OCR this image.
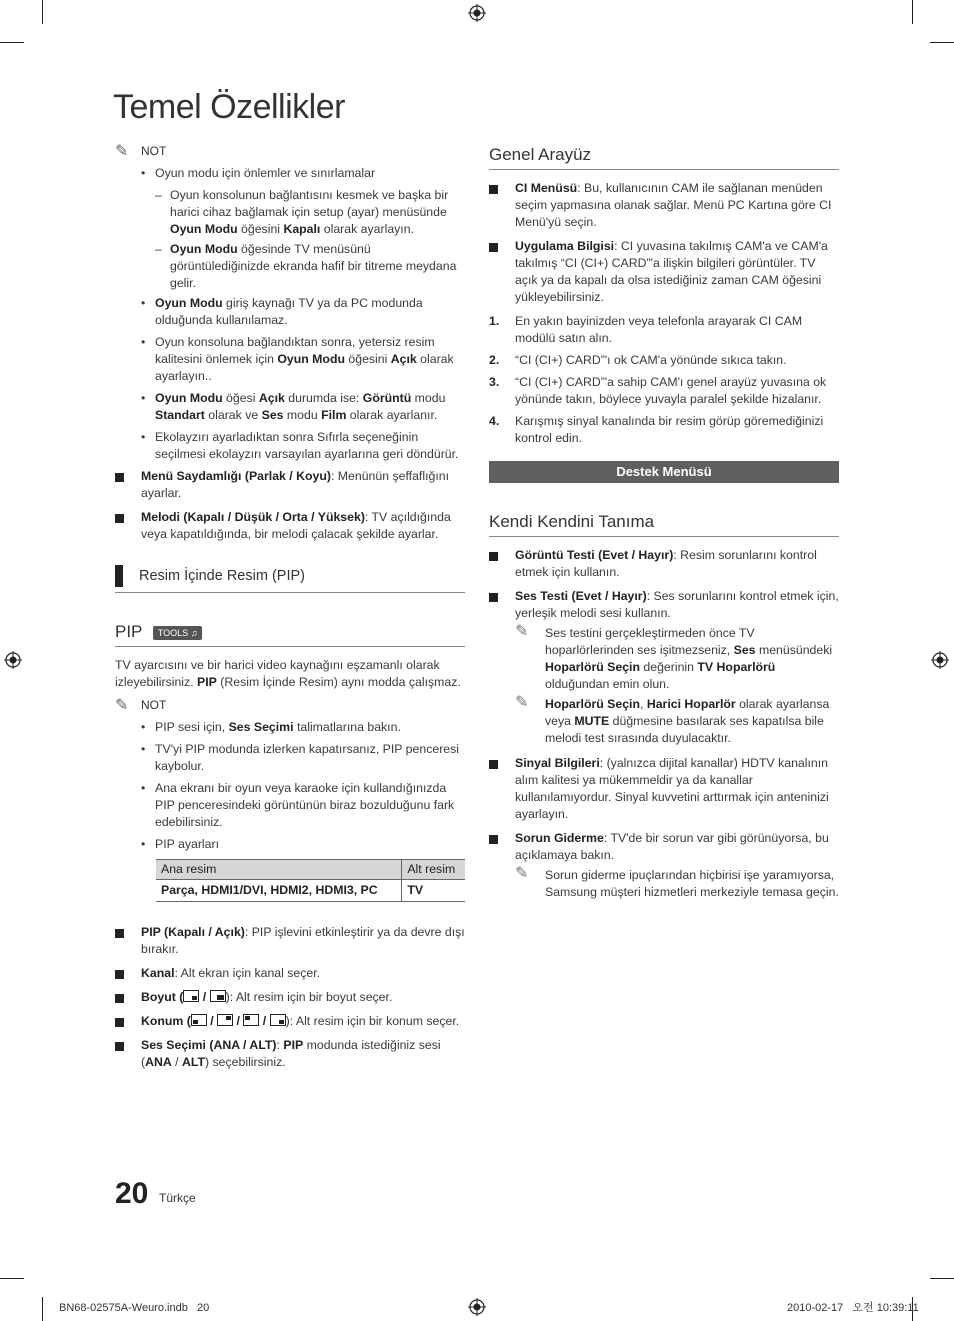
Temel Özellikler
✎	NOT
• Oyun modu için önlemler ve sınırlamalar
– Oyun konsolunun bağlantısını kesmek ve başka bir harici cihaz bağlamak için setup (ayar) menüsünde Oyun Modu öğesini Kapalı olarak ayarlayın.
– Oyun Modu öğesinde TV menüsünü görüntülediğinizde ekranda hafif bir titreme meydana gelir.
• Oyun Modu giriş kaynağı TV ya da PC modunda olduğunda kullanılamaz.
• Oyun konsoluna bağlandıktan sonra, yetersiz resim kalitesini önlemek için Oyun Modu öğesini Açık olarak ayarlayın..
• Oyun Modu öğesi Açık durumda ise: Görüntü modu Standart olarak ve Ses modu Film olarak ayarlanır.
• Ekolayzırı ayarladıktan sonra Sıfırla seçeneğinin seçilmesi ekolayzırı varsayılan ayarlarına geri döndürür.
Menü Saydamlığı (Parlak / Koyu): Menünün şeffaflığını ayarlar.
Melodi (Kapalı / Düşük / Orta / Yüksek): TV açıldığında veya kapatıldığında, bir melodi çalacak şekilde ayarlar.
Resim İçinde Resim (PIP)
PIP TOOLS ♫
TV ayarcısını ve bir harici video kaynağını eşzamanlı olarak izleyebilirsiniz. PIP (Resim İçinde Resim) aynı modda çalışmaz.
✎	NOT
• PIP sesi için, Ses Seçimi talimatlarına bakın.
• TV'yi PIP modunda izlerken kapatırsanız, PIP penceresi kaybolur.
• Ana ekranı bir oyun veya karaoke için kullandığınızda PIP penceresindeki görüntünün biraz bozulduğunu fark edebilirsiniz.
• PIP ayarları
Ana resim	Alt resim
Parça, HDMI1/DVI, HDMI2, HDMI3, PC	TV
PIP (Kapalı / Açık): PIP işlevini etkinleştirir ya da devre dışı bırakır.
Kanal: Alt ekran için kanal seçer.
Boyut (
/
): Alt resim için bir boyut seçer.
Konum (
/
/
/
): Alt resim için bir konum seçer.
Ses Seçimi (ANA / ALT): PIP modunda istediğiniz sesi (ANA / ALT) seçebilirsiniz.
Genel Arayüz
CI Menüsü: Bu, kullanıcının CAM ile sağlanan menüden seçim yapmasına olanak sağlar. Menü PC Kartına göre CI Menü'yü seçin.
Uygulama Bilgisi: CI yuvasına takılmış CAM'a ve CAM'a takılmış “CI (CI+) CARD”'a ilişkin bilgileri görüntüler. TV açık ya da kapalı da olsa istediğiniz zaman CAM öğesini yükleyebilirsiniz.
1. En yakın bayinizden veya telefonla arayarak CI CAM modülü satın alın.
2. “CI (CI+) CARD”'ı ok CAM'a yönünde sıkıca takın.
3. “CI (CI+) CARD”'a sahip CAM'ı genel arayüz yuvasına ok yönünde takın, böylece yuvayla paralel şekilde hizalanır.
4. Karışmış sinyal kanalında bir resim görüp göremediğinizi kontrol edin.
Destek Menüsü
Kendi Kendini Tanıma
Görüntü Testi (Evet / Hayır): Resim sorunlarını kontrol etmek için kullanın.
Ses Testi (Evet / Hayır): Ses sorunlarını kontrol etmek için, yerleşik melodi sesi kullanın.
✎ Ses testini gerçekleştirmeden önce TV hoparlörlerinden ses işitmezseniz, Ses menüsündeki Hoparlörü Seçin değerinin TV Hoparlörü olduğundan emin olun.
✎ Hoparlörü Seçin, Harici Hoparlör olarak ayarlansa veya MUTE düğmesine basılarak ses kapatılsa bile melodi test sırasında duyulacaktır.
Sinyal Bilgileri: (yalnızca dijital kanallar) HDTV kanalının alım kalitesi ya mükemmeldir ya da kanallar kullanılamıyordur. Sinyal kuvvetini arttırmak için anteninizi ayarlayın.
Sorun Giderme: TV'de bir sorun var gibi görünüyorsa, bu açıklamaya bakın.
✎ Sorun giderme ipuçlarından hiçbirisi işe yaramıyorsa, Samsung müşteri hizmetleri merkeziyle temasa geçin.
20 Türkçe
BN68-02575A-Weuro.indb   20	2010-02-17   오전 10:39:11
